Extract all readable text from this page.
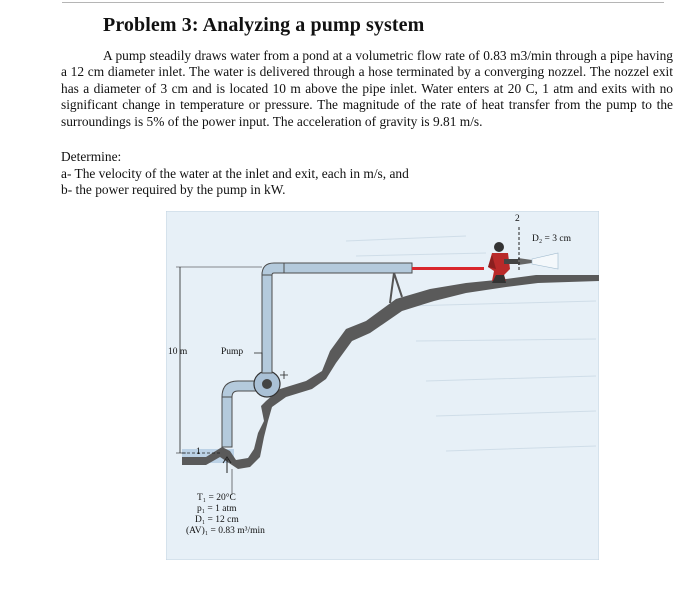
Problem 3: Analyzing a pump system

A pump steadily draws water from a pond at a volumetric flow rate of 0.83 m3/min through a pipe having a 12 cm diameter inlet. The water is delivered through a hose terminated by a converging nozzel. The nozzel exit has a diameter of 3 cm and is located 10 m above the pipe inlet. Water enters at 20 C, 1 atm and exits with no significant change in temperature or pressure. The magnitude of the rate of heat transfer from the pump to the surroundings is 5% of the power input. The acceleration of gravity is 9.81 m/s.

Determine:
a- The velocity of the water at the inlet and exit, each in m/s, and
b- the power required by the pump in kW.
10 m	Pump
2
1
D₂ = 3 cm
T₁ = 20°C
p₁ = 1 atm
D₁ = 12 cm
(AV)₁ = 0.83 m³/min
